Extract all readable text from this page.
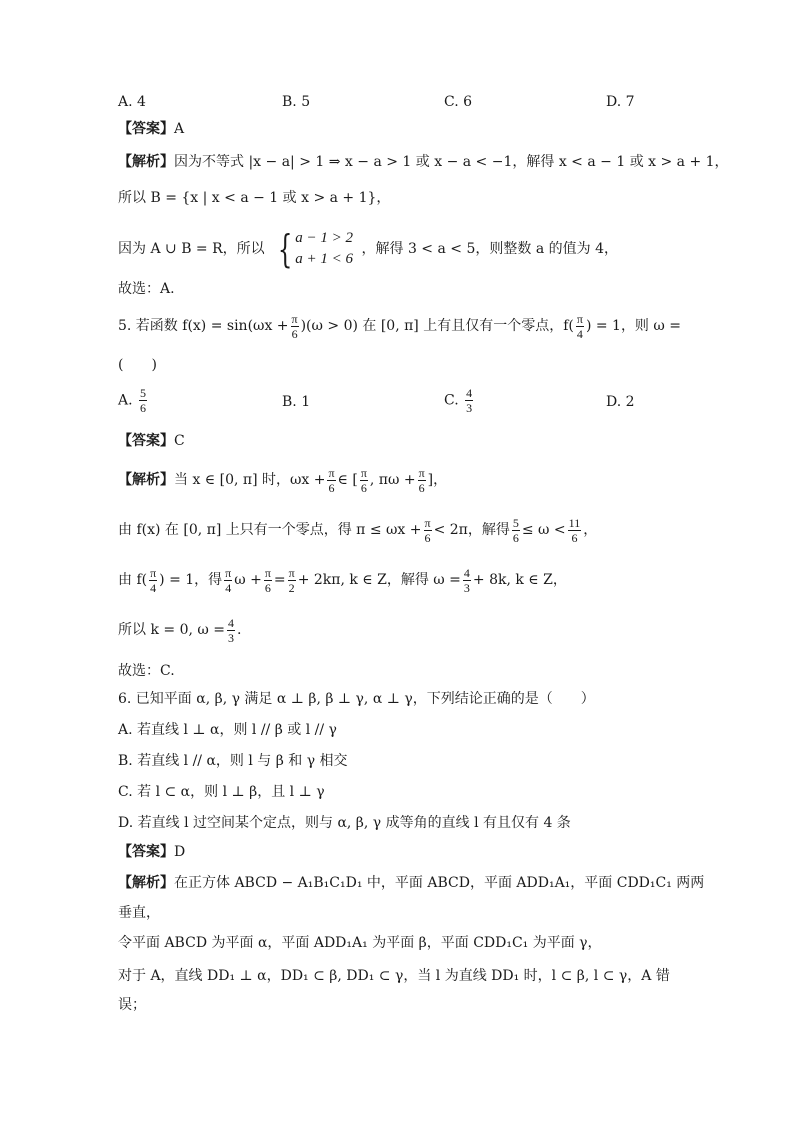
A. 4	B. 5	C. 6	D. 7
【答案】A
【解析】因为不等式 |x − a| > 1 ⇒ x − a > 1 或 x − a < −1，解得 x < a − 1 或 x > a + 1，
所以 B = {x | x < a − 1 或 x > a + 1}，
因为 A ∪ B = R，所以 { a − 1 > 2
a + 1 < 6
，解得 3 < a < 5，则整数 a 的值为 4，
故选：A.
5. 若函数 $f(x) = \sin(\omega x + \frac{\pi}{6} )(\omega > 0)$ 在 [0, π] 上有且仅有一个零点，$f( \frac{\pi}{4}$ ) = 1，则 ω =
(　　)
A. $\frac{5}{6}$	B. 1	C. $\frac{4}{3}$	D. 2
【答案】C
【解析】当 x ∈ [0, π] 时，$\omega x + \frac{\pi}{6}$ ∈ [ $\frac{\pi}{6}$ , $\pi\omega + \frac{\pi}{6}$ ]，
由 f(x) 在 [0, π] 上只有一个零点，得 $\pi \le \omega x + \frac{\pi}{6} < 2\pi$，解得 $\frac{5}{6} \le \omega < \frac{11}{6}$ ，
由 $f( \frac{\pi}{4}$ ) = 1，得 $\frac{\pi}{4}$ $\omega + \frac{\pi}{6} = \frac{\pi}{2} + 2k\pi$, k ∈ Z，解得 $\omega = \frac{4}{3} + 8k$, k ∈ Z，
所以 k = 0, $\omega = \frac{4}{3}$ .
故选：C.
6. 已知平面 α, β, γ 满足 α ⊥ β, β ⊥ γ, α ⊥ γ，下列结论正确的是（　　）
A. 若直线 l ⊥ α，则 l // β 或 l // γ
B. 若直线 l // α，则 l 与 β 和 γ 相交
C. 若 l ⊂ α，则 l ⊥ β，且 l ⊥ γ
D. 若直线 l 过空间某个定点，则与 α, β, γ 成等角的直线 l 有且仅有 4 条
【答案】D
【解析】在正方体 ABCD − A₁B₁C₁D₁ 中，平面 ABCD，平面 ADD₁A₁，平面 CDD₁C₁ 两两
垂直，
令平面 ABCD 为平面 α，平面 ADD₁A₁ 为平面 β，平面 CDD₁C₁ 为平面 γ，
对于 A，直线 DD₁ ⊥ α，DD₁ ⊂ β, DD₁ ⊂ γ，当 l 为直线 DD₁ 时，l ⊂ β, l ⊂ γ，A 错
误；
